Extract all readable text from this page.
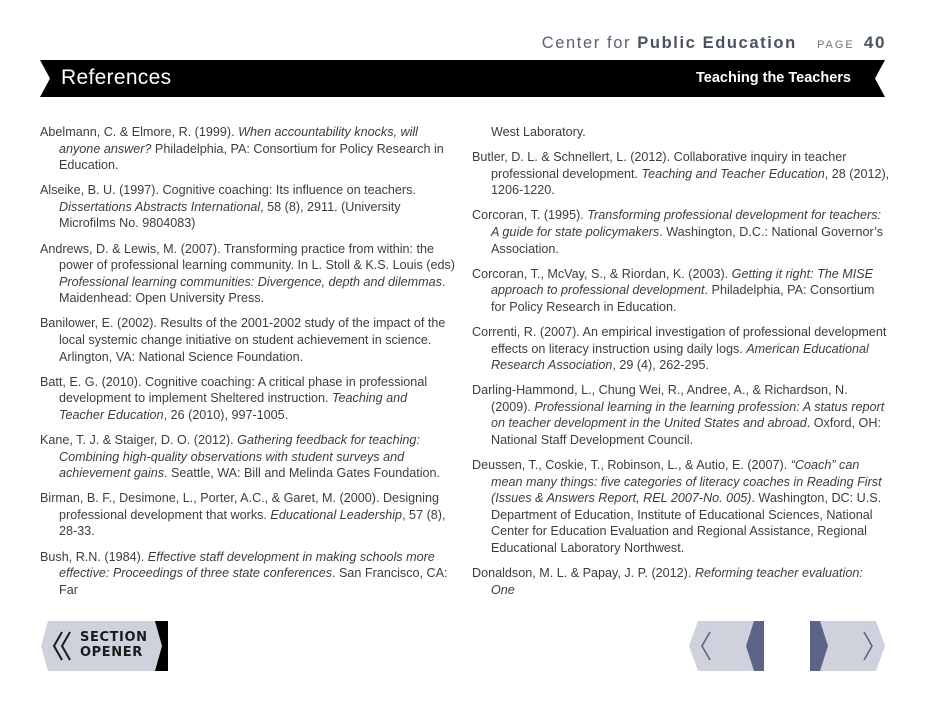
Center for Public Education PAGE 40
References	Teaching the Teachers

Abelmann, C. & Elmore, R. (1999). When accountability knocks, will anyone answer? Philadelphia, PA: Consortium for Policy Research in Education.

Alseike, B. U. (1997). Cognitive coaching: Its influence on teachers. Dissertations Abstracts International, 58 (8), 2911. (University Microfilms No. 9804083)

Andrews, D. & Lewis, M. (2007). Transforming practice from within: the power of professional learning community. In L. Stoll & K.S. Louis (eds) Professional learning communities: Divergence, depth and dilemmas. Maidenhead: Open University Press.

Banilower, E. (2002). Results of the 2001-2002 study of the impact of the local systemic change initiative on student achievement in science. Arlington, VA: National Science Foundation.

Batt, E. G. (2010). Cognitive coaching: A critical phase in professional development to implement Sheltered instruction. Teaching and Teacher Education, 26 (2010), 997-1005.

Kane, T. J. & Staiger, D. O. (2012). Gathering feedback for teaching: Combining high-quality observations with student surveys and achievement gains. Seattle, WA: Bill and Melinda Gates Foundation.

Birman, B. F., Desimone, L., Porter, A.C., & Garet, M. (2000). Designing professional development that works. Educational Leadership, 57 (8), 28-33.

Bush, R.N. (1984). Effective staff development in making schools more effective: Proceedings of three state conferences. San Francisco, CA: Far

West Laboratory.

Butler, D. L. & Schnellert, L. (2012). Collaborative inquiry in teacher professional development. Teaching and Teacher Education, 28 (2012), 1206-1220.

Corcoran, T. (1995). Transforming professional development for teachers: A guide for state policymakers. Washington, D.C.: National Governor’s Association.

Corcoran, T., McVay, S., & Riordan, K. (2003). Getting it right: The MISE approach to professional development. Philadelphia, PA: Consortium for Policy Research in Education.

Correnti, R. (2007). An empirical investigation of professional development effects on literacy instruction using daily logs. American Educational Research Association, 29 (4), 262-295.

Darling-Hammond, L., Chung Wei, R., Andree, A., & Richardson, N. (2009). Professional learning in the learning profession: A status report on teacher development in the United States and abroad. Oxford, OH: National Staff Development Council.

Deussen, T., Coskie, T., Robinson, L., & Autio, E. (2007). “Coach” can mean many things: five categories of literacy coaches in Reading First (Issues & Answers Report, REL 2007-No. 005). Washington, DC: U.S. Department of Education, Institute of Educational Sciences, National Center for Education Evaluation and Regional Assistance, Regional Educational Laboratory Northwest.

Donaldson, M. L. & Papay, J. P. (2012). Reforming teacher evaluation: One

SECTION
OPENER
